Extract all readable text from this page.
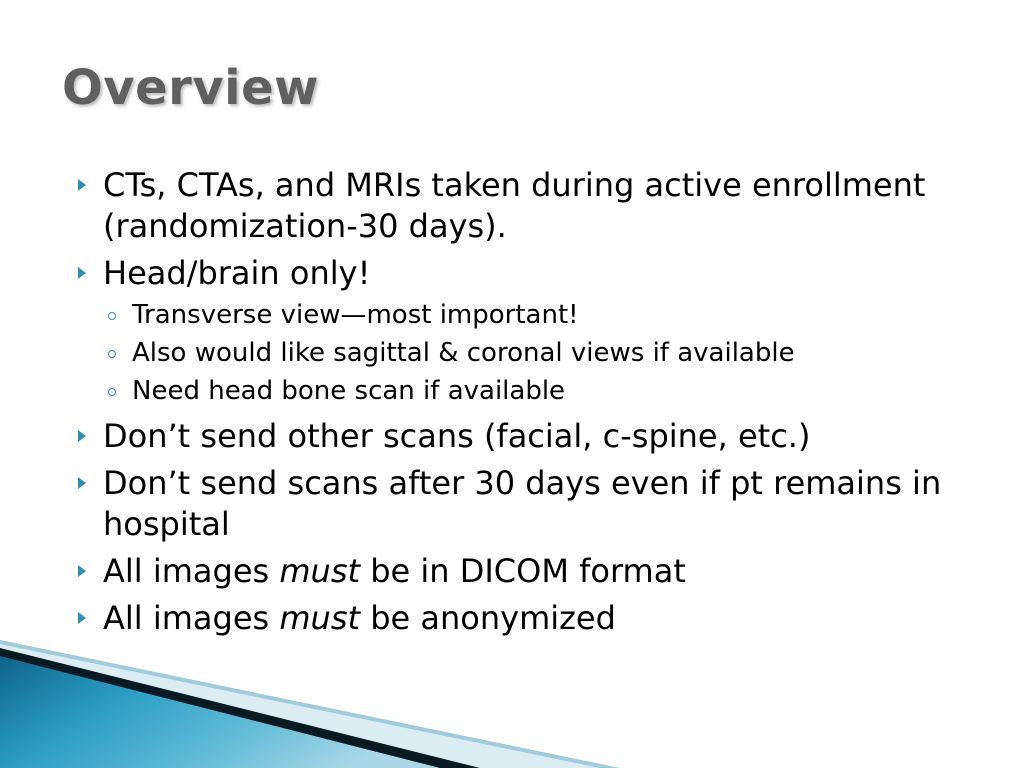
Overview
CTs, CTAs, and MRIs taken during active enrollment (randomization-30 days).
Head/brain only!
Transverse view—most important!
Also would like sagittal & coronal views if available
Need head bone scan if available
Don’t send other scans (facial, c-spine, etc.)
Don’t send scans after 30 days even if pt remains in hospital
All images must be in DICOM format
All images must be anonymized
